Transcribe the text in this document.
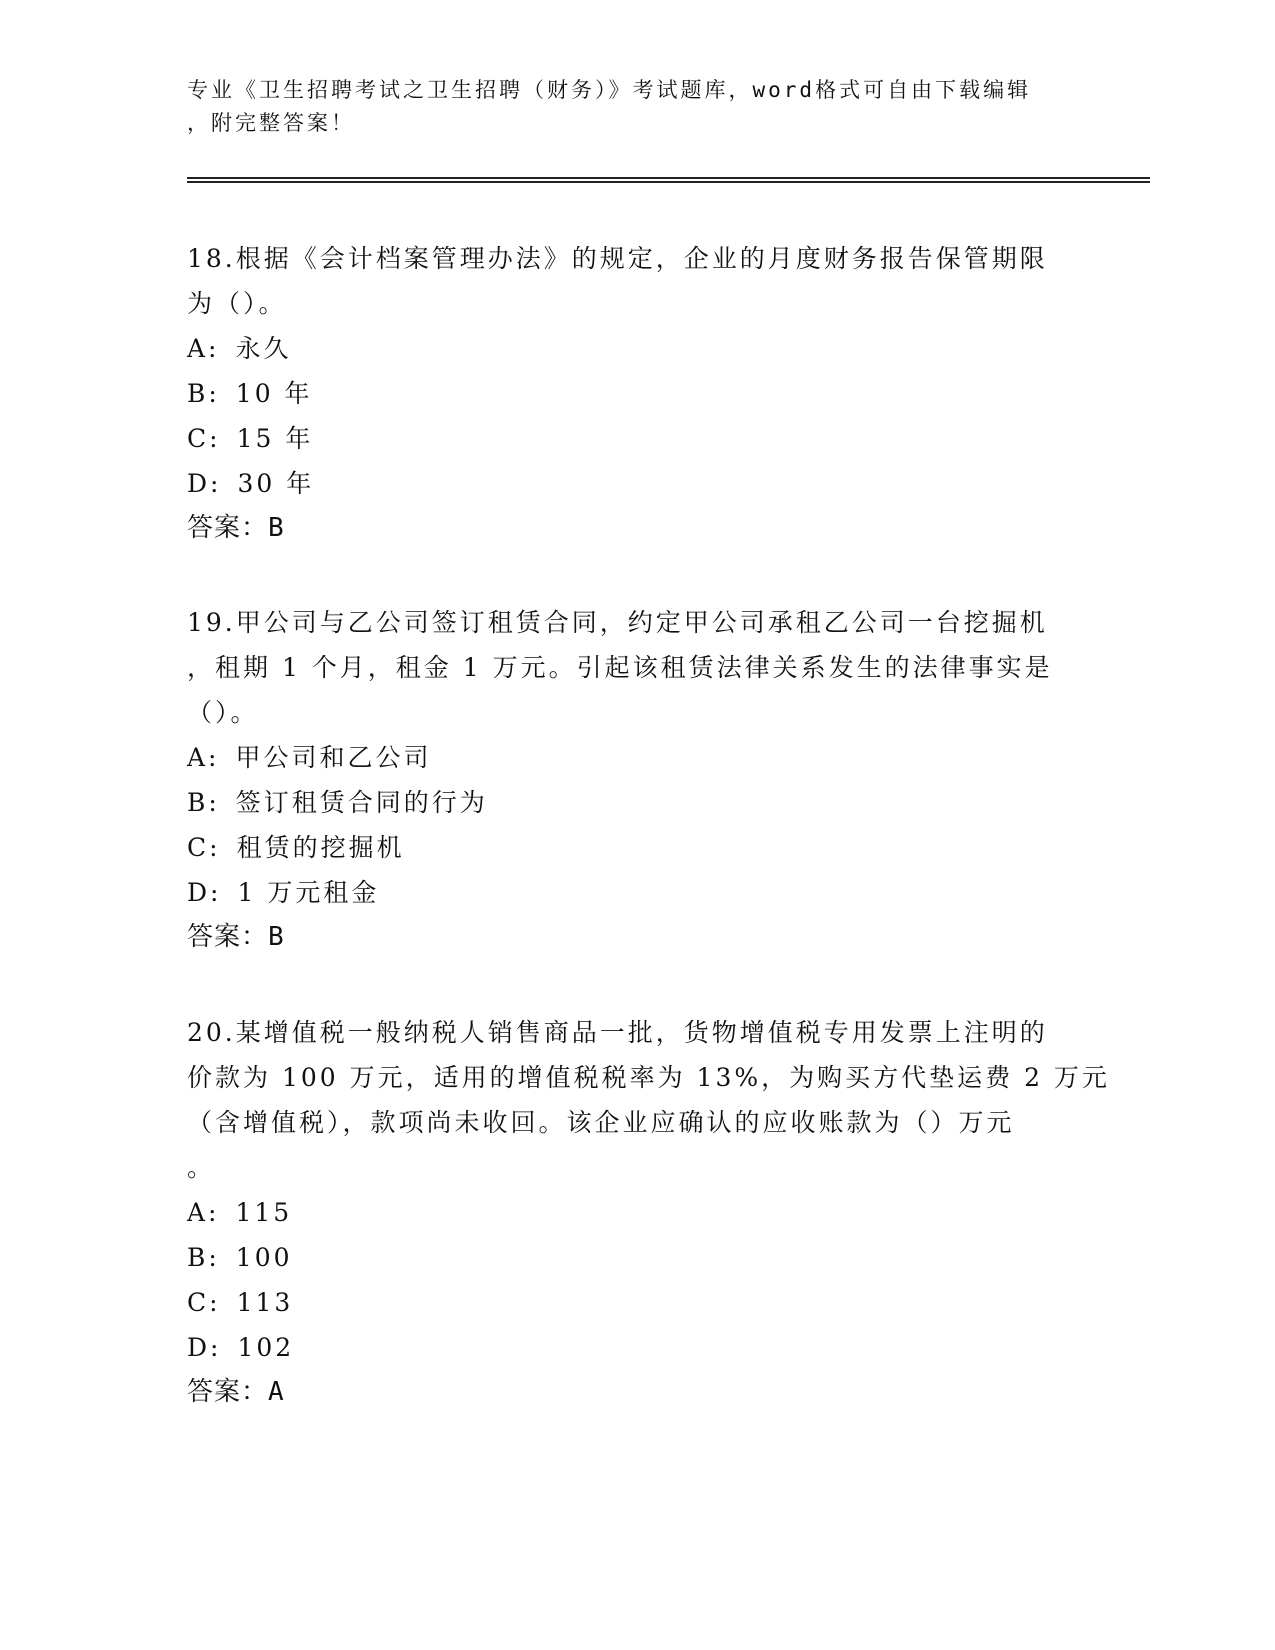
专业《卫生招聘考试之卫生招聘（财务）》考试题库，word格式可自由下载编辑
，附完整答案！
18.根据《会计档案管理办法》的规定，企业的月度财务报告保管期限
为（）。
A: 永久
B: 10 年
C: 15 年
D: 30 年
答案：B
19.甲公司与乙公司签订租赁合同，约定甲公司承租乙公司一台挖掘机
，租期 1 个月，租金 1 万元。引起该租赁法律关系发生的法律事实是
（）。
A: 甲公司和乙公司
B: 签订租赁合同的行为
C: 租赁的挖掘机
D: 1 万元租金
答案：B
20.某增值税一般纳税人销售商品一批，货物增值税专用发票上注明的
价款为 100 万元，适用的增值税税率为 13%，为购买方代垫运费 2 万元
（含增值税），款项尚未收回。该企业应确认的应收账款为（）万元
。
A: 115
B: 100
C: 113
D: 102
答案：A
